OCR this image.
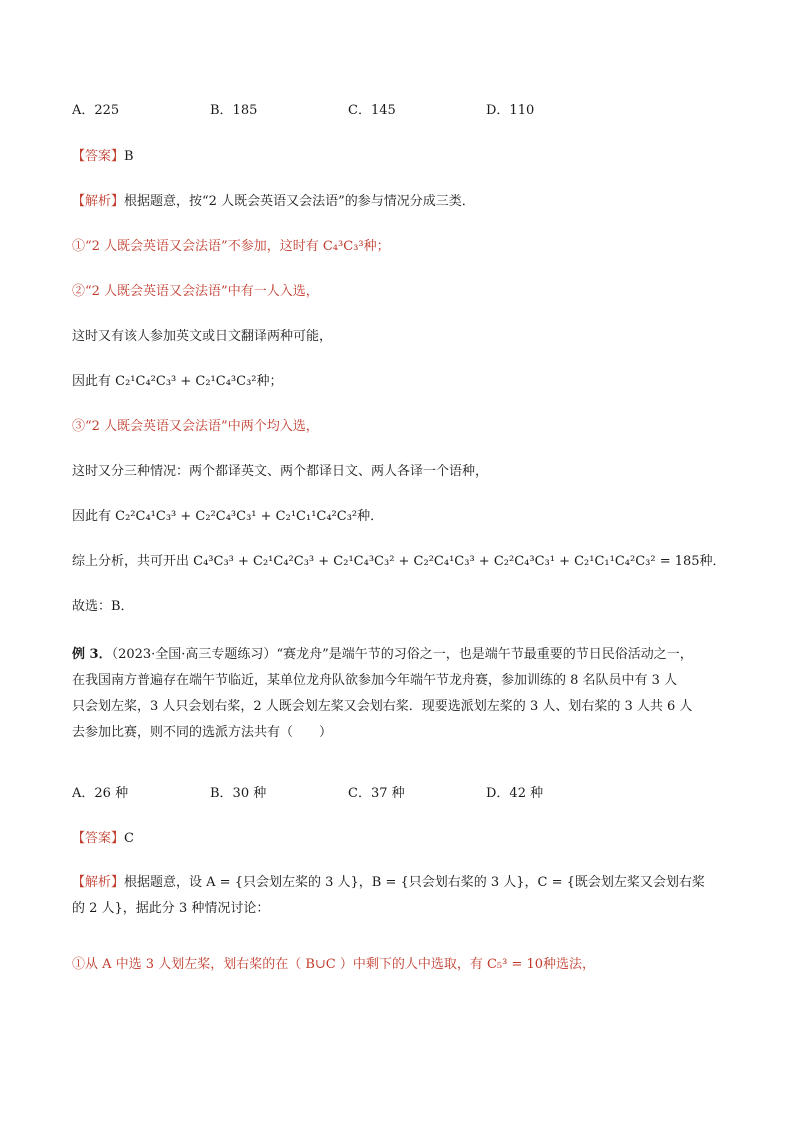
A．225	B．185	C．145	D．110
【答案】B
【解析】根据题意，按“2 人既会英语又会法语”的参与情况分成三类．
①“2 人既会英语又会法语”不参加，这时有 C₄³C₃³种；
②“2 人既会英语又会法语”中有一人入选，
这时又有该人参加英文或日文翻译两种可能，
因此有 C₂¹C₄²C₃³ + C₂¹C₄³C₃²种；
③“2 人既会英语又会法语”中两个均入选，
这时又分三种情况：两个都译英文、两个都译日文、两人各译一个语种，
因此有 C₂²C₄¹C₃³ + C₂²C₄³C₃¹ + C₂¹C₁¹C₄²C₃²种．
综上分析，共可开出 C₄³C₃³ + C₂¹C₄²C₃³ + C₂¹C₄³C₃² + C₂²C₄¹C₃³ + C₂²C₄³C₃¹ + C₂¹C₁¹C₄²C₃² = 185种．
故选：B．
例 3．（2023·全国·高三专题练习）“赛龙舟”是端午节的习俗之一，也是端午节最重要的节日民俗活动之一，
在我国南方普遍存在端午节临近，某单位龙舟队欲参加今年端午节龙舟赛，参加训练的 8 名队员中有 3 人
只会划左桨，3 人只会划右桨，2 人既会划左桨又会划右桨．现要选派划左桨的 3 人、划右桨的 3 人共 6 人
去参加比赛，则不同的选派方法共有（　　）
A．26 种	B．30 种	C．37 种	D．42 种
【答案】C
【解析】根据题意，设 A = {只会划左桨的 3 人}，B = {只会划右桨的 3 人}，C = {既会划左桨又会划右桨
的 2 人}，据此分 3 种情况讨论：
①从 A 中选 3 人划左桨，划右桨的在（ B∪C ）中剩下的人中选取，有 C₅³ = 10种选法，
